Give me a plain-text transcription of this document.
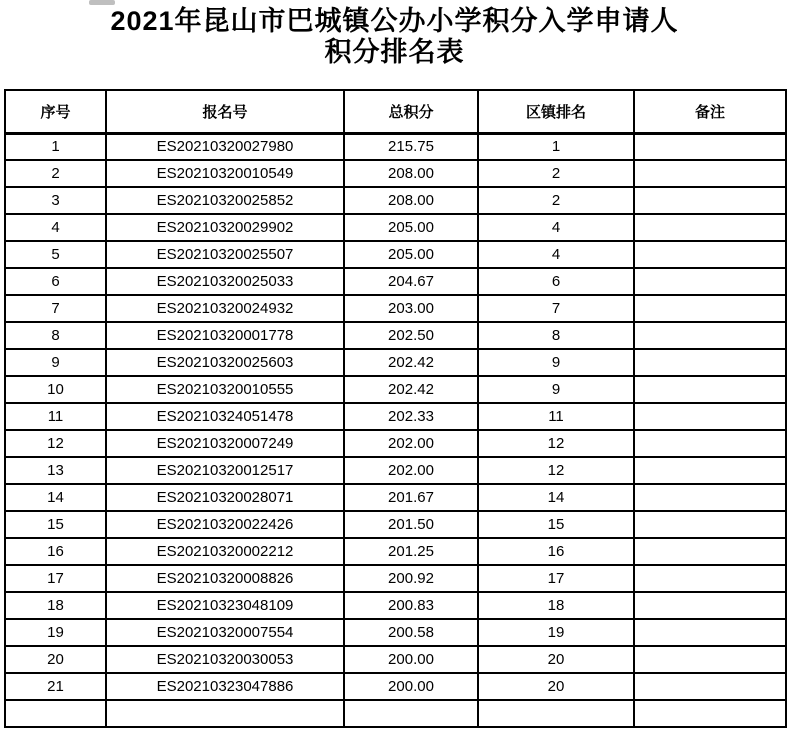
2021年昆山市巴城镇公办小学积分入学申请人
积分排名表
序号	报名号	总积分	区镇排名	备注
1	ES20210320027980	215.75	1	
2	ES20210320010549	208.00	2	
3	ES20210320025852	208.00	2	
4	ES20210320029902	205.00	4	
5	ES20210320025507	205.00	4	
6	ES20210320025033	204.67	6	
7	ES20210320024932	203.00	7	
8	ES20210320001778	202.50	8	
9	ES20210320025603	202.42	9	
10	ES20210320010555	202.42	9	
11	ES20210324051478	202.33	11	
12	ES20210320007249	202.00	12	
13	ES20210320012517	202.00	12	
14	ES20210320028071	201.67	14	
15	ES20210320022426	201.50	15	
16	ES20210320002212	201.25	16	
17	ES20210320008826	200.92	17	
18	ES20210323048109	200.83	18	
19	ES20210320007554	200.58	19	
20	ES20210320030053	200.00	20	
21	ES20210323047886	200.00	20	
